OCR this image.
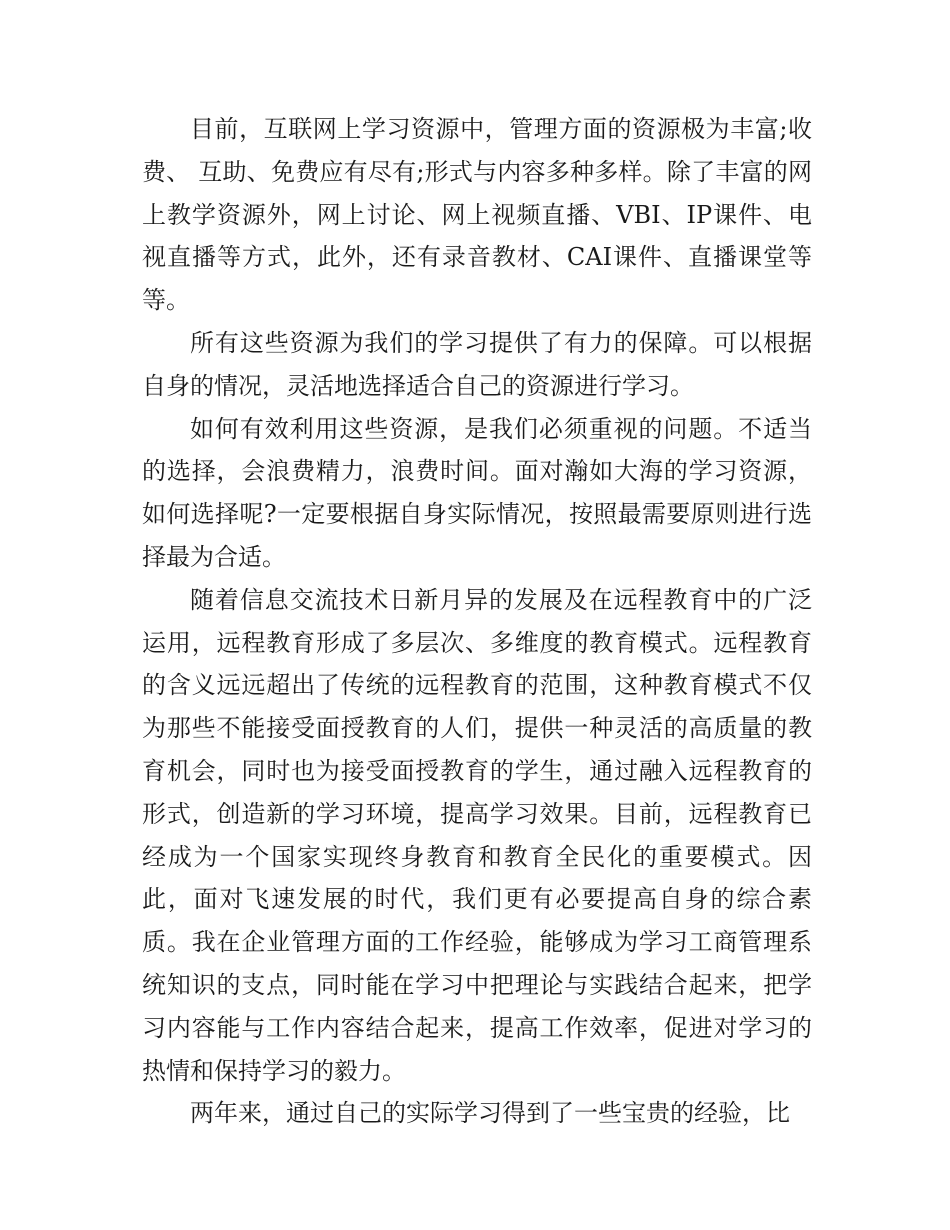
目前，互联网上学习资源中，管理方面的资源极为丰富;收费、 互助、免费应有尽有;形式与内容多种多样。除了丰富的网上教学资源外，网上讨论、网上视频直播、VBI、IP课件、电视直播等方式，此外，还有录音教材、CAI课件、直播课堂等等。

所有这些资源为我们的学习提供了有力的保障。可以根据自身的情况，灵活地选择适合自己的资源进行学习。

如何有效利用这些资源，是我们必须重视的问题。不适当的选择，会浪费精力，浪费时间。面对瀚如大海的学习资源，如何选择呢?一定要根据自身实际情况，按照最需要原则进行选择最为合适。

随着信息交流技术日新月异的发展及在远程教育中的广泛运用，远程教育形成了多层次、多维度的教育模式。远程教育的含义远远超出了传统的远程教育的范围，这种教育模式不仅为那些不能接受面授教育的人们，提供一种灵活的高质量的教育机会，同时也为接受面授教育的学生，通过融入远程教育的形式，创造新的学习环境，提高学习效果。目前，远程教育已经成为一个国家实现终身教育和教育全民化的重要模式。因此，面对飞速发展的时代，我们更有必要提高自身的综合素质。我在企业管理方面的工作经验，能够成为学习工商管理系统知识的支点，同时能在学习中把理论与实践结合起来，把学习内容能与工作内容结合起来，提高工作效率，促进对学习的热情和保持学习的毅力。

两年来，通过自己的实际学习得到了一些宝贵的经验，比
